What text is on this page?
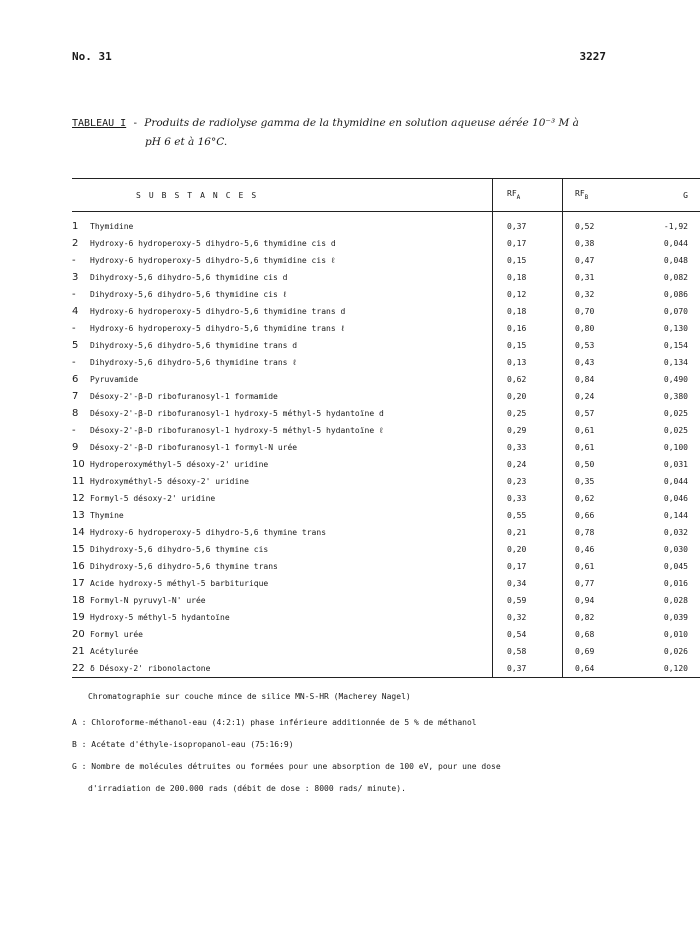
No. 31	3227
TABLEAU I - Produits de radiolyse gamma de la thymidine en solution aqueuse aérée 10⁻³ M à
pH 6 et à 16°C.
	SUBSTANCES	$RF_A$	$RF_B$	G
1	Thymidine	0,37	0,52	-1,92
2	Hydroxy-6 hydroperoxy-5 dihydro-5,6 thymidine cis d	0,17	0,38	0,044
-	Hydroxy-6 hydroperoxy-5 dihydro-5,6 thymidine cis ℓ	0,15	0,47	0,048
3	Dihydroxy-5,6 dihydro-5,6 thymidine cis d	0,18	0,31	0,082
-	Dihydroxy-5,6 dihydro-5,6 thymidine cis ℓ	0,12	0,32	0,086
4	Hydroxy-6 hydroperoxy-5 dihydro-5,6 thymidine trans d	0,18	0,70	0,070
-	Hydroxy-6 hydroperoxy-5 dihydro-5,6 thymidine trans ℓ	0,16	0,80	0,130
5	Dihydroxy-5,6 dihydro-5,6 thymidine trans d	0,15	0,53	0,154
-	Dihydroxy-5,6 dihydro-5,6 thymidine trans ℓ	0,13	0,43	0,134
6	Pyruvamide	0,62	0,84	0,490
7	Désoxy-2'-β-D ribofuranosyl-1 formamide	0,20	0,24	0,380
8	Désoxy-2'-β-D ribofuranosyl-1 hydroxy-5 méthyl-5 hydantoïne d	0,25	0,57	0,025
-	Désoxy-2'-β-D ribofuranosyl-1 hydroxy-5 méthyl-5 hydantoïne ℓ	0,29	0,61	0,025
9	Désoxy-2'-β-D ribofuranosyl-1 formyl-N urée	0,33	0,61	0,100
10	Hydroperoxyméthyl-5 désoxy-2' uridine	0,24	0,50	0,031
11	Hydroxyméthyl-5 désoxy-2' uridine	0,23	0,35	0,044
12	Formyl-5 désoxy-2' uridine	0,33	0,62	0,046
13	Thymine	0,55	0,66	0,144
14	Hydroxy-6 hydroperoxy-5 dihydro-5,6 thymine trans	0,21	0,78	0,032
15	Dihydroxy-5,6 dihydro-5,6 thymine cis	0,20	0,46	0,030
16	Dihydroxy-5,6 dihydro-5,6 thymine trans	0,17	0,61	0,045
17	Acide hydroxy-5 méthyl-5 barbiturique	0,34	0,77	0,016
18	Formyl-N pyruvyl-N' urée	0,59	0,94	0,028
19	Hydroxy-5 méthyl-5 hydantoïne	0,32	0,82	0,039
20	Formyl urée	0,54	0,68	0,010
21	Acétylurée	0,58	0,69	0,026
22	δ Désoxy-2' ribonolactone	0,37	0,64	0,120
Chromatographie sur couche mince de silice MN-S-HR (Macherey Nagel)
A : Chloroforme-méthanol-eau (4:2:1) phase inférieure additionnée de 5 % de méthanol
B : Acétate d'éthyle-isopropanol-eau (75:16:9)
G : Nombre de molécules détruites ou formées pour une absorption de 100 eV, pour une dose
d'irradiation de 200.000 rads (débit de dose : 8000 rads/ minute).
